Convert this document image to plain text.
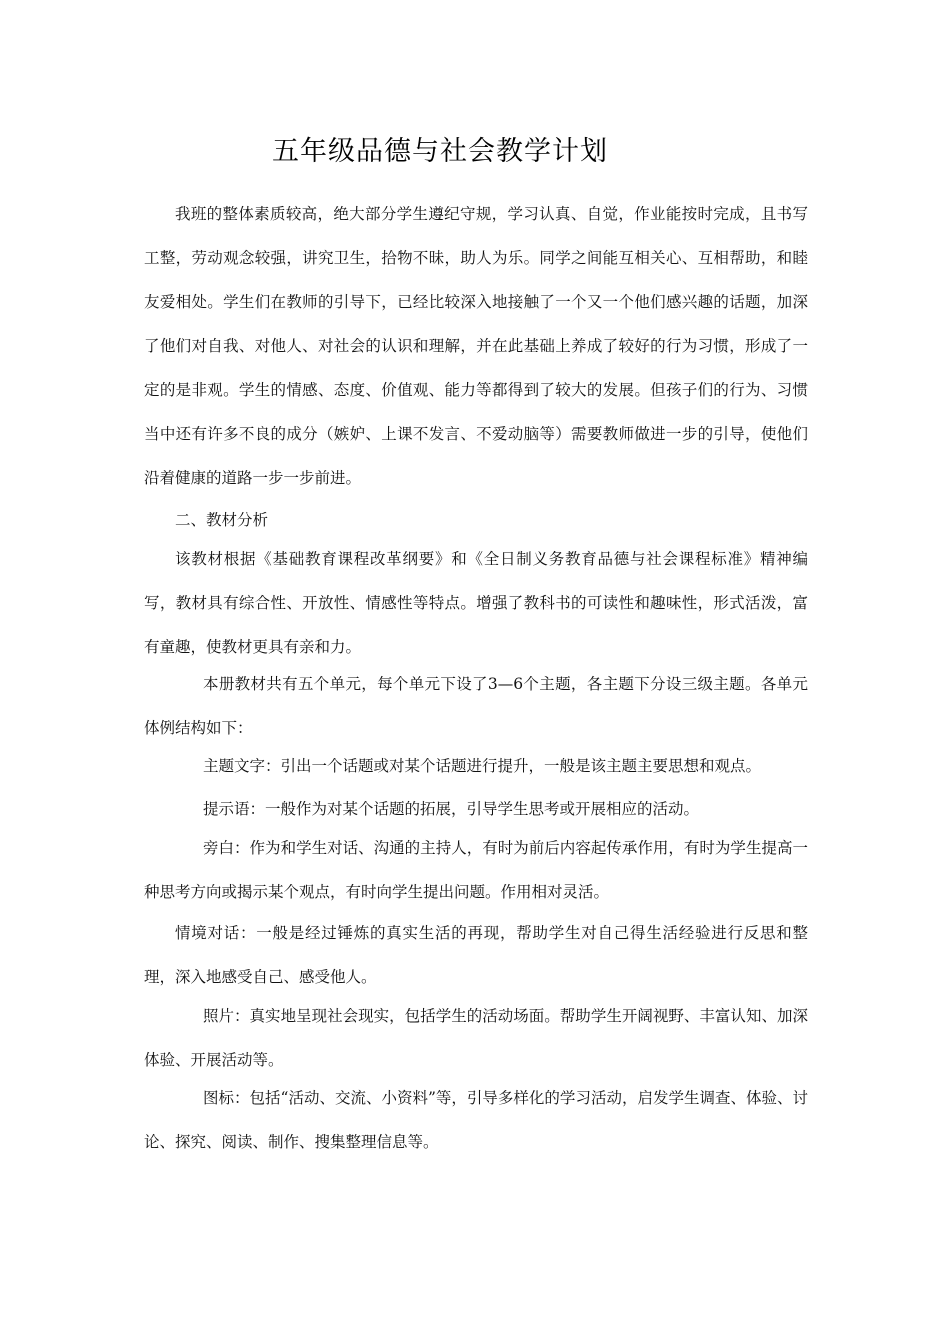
五年级品德与社会教学计划

我班的整体素质较高，绝大部分学生遵纪守规，学习认真、自觉，作业能按时完成，且书写工整，劳动观念较强，讲究卫生，拾物不昧，助人为乐。同学之间能互相关心、互相帮助，和睦友爱相处。学生们在教师的引导下，已经比较深入地接触了一个又一个他们感兴趣的话题，加深了他们对自我、对他人、对社会的认识和理解，并在此基础上养成了较好的行为习惯，形成了一定的是非观。学生的情感、态度、价值观、能力等都得到了较大的发展。但孩子们的行为、习惯当中还有许多不良的成分（嫉妒、上课不发言、不爱动脑等）需要教师做进一步的引导，使他们沿着健康的道路一步一步前进。

二、教材分析

该教材根据《基础教育课程改革纲要》和《全日制义务教育品德与社会课程标准》精神编写，教材具有综合性、开放性、情感性等特点。增强了教科书的可读性和趣味性，形式活泼，富有童趣，使教材更具有亲和力。

本册教材共有五个单元，每个单元下设了3—6个主题，各主题下分设三级主题。各单元体例结构如下：

主题文字：引出一个话题或对某个话题进行提升，一般是该主题主要思想和观点。

提示语：一般作为对某个话题的拓展，引导学生思考或开展相应的活动。

旁白：作为和学生对话、沟通的主持人，有时为前后内容起传承作用，有时为学生提高一种思考方向或揭示某个观点，有时向学生提出问题。作用相对灵活。

情境对话：一般是经过锤炼的真实生活的再现，帮助学生对自己得生活经验进行反思和整理，深入地感受自己、感受他人。

照片：真实地呈现社会现实，包括学生的活动场面。帮助学生开阔视野、丰富认知、加深体验、开展活动等。

图标：包括“活动、交流、小资料”等，引导多样化的学习活动，启发学生调查、体验、讨论、探究、阅读、制作、搜集整理信息等。
